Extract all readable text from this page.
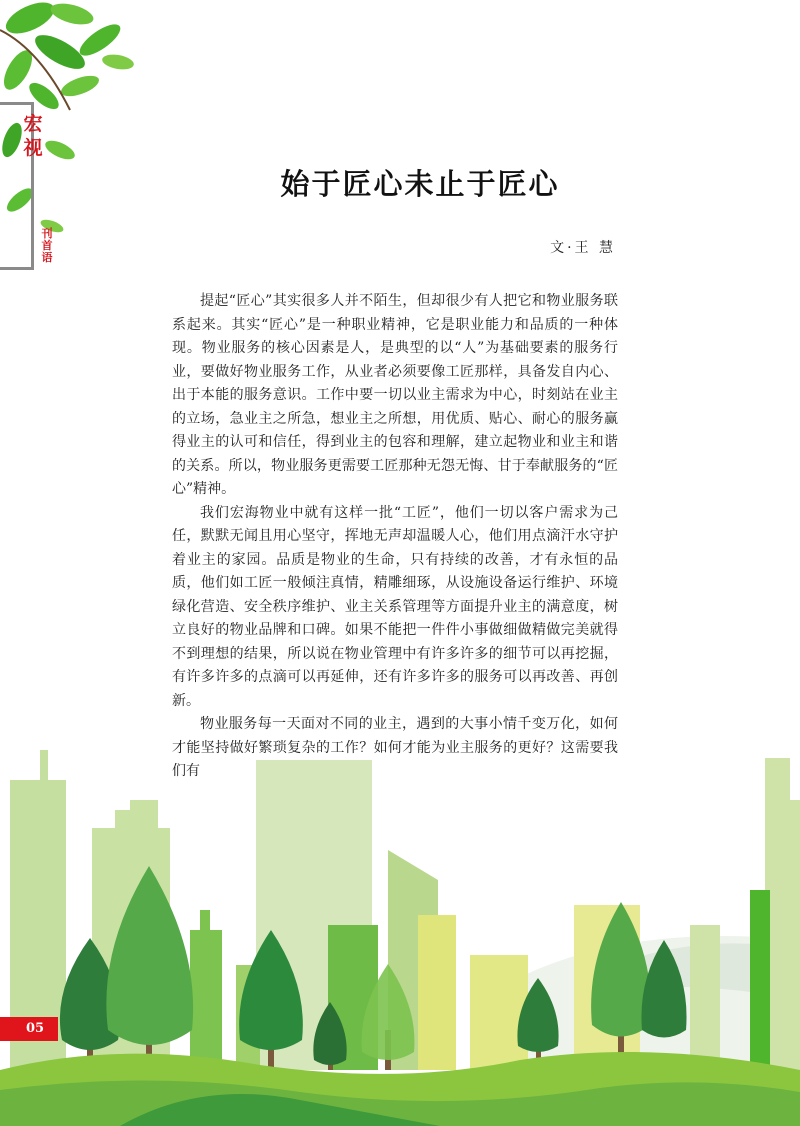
宏
视
刊首语
始于匠心未止于匠心
文·王 慧

提起“匠心”其实很多人并不陌生，但却很少有人把它和物业服务联系起来。其实“匠心”是一种职业精神，它是职业能力和品质的一种体现。物业服务的核心因素是人，是典型的以“人”为基础要素的服务行业，要做好物业服务工作，从业者必须要像工匠那样，具备发自内心、出于本能的服务意识。工作中要一切以业主需求为中心，时刻站在业主的立场，急业主之所急，想业主之所想，用优质、贴心、耐心的服务赢得业主的认可和信任，得到业主的包容和理解，建立起物业和业主和谐的关系。所以，物业服务更需要工匠那种无怨无悔、甘于奉献服务的“匠心”精神。

我们宏海物业中就有这样一批“工匠”，他们一切以客户需求为己任，默默无闻且用心坚守，挥地无声却温暖人心，他们用点滴汗水守护着业主的家园。品质是物业的生命，只有持续的改善，才有永恒的品质，他们如工匠一般倾注真情，精雕细琢，从设施设备运行维护、环境绿化营造、安全秩序维护、业主关系管理等方面提升业主的满意度，树立良好的物业品牌和口碑。如果不能把一件件小事做细做精做完美就得不到理想的结果，所以说在物业管理中有许多许多的细节可以再挖掘，有许多许多的点滴可以再延伸，还有许多许多的服务可以再改善、再创新。

物业服务每一天面对不同的业主，遇到的大事小情千变万化，如何才能坚持做好繁琐复杂的工作？如何才能为业主服务的更好？这需要我们有

05
